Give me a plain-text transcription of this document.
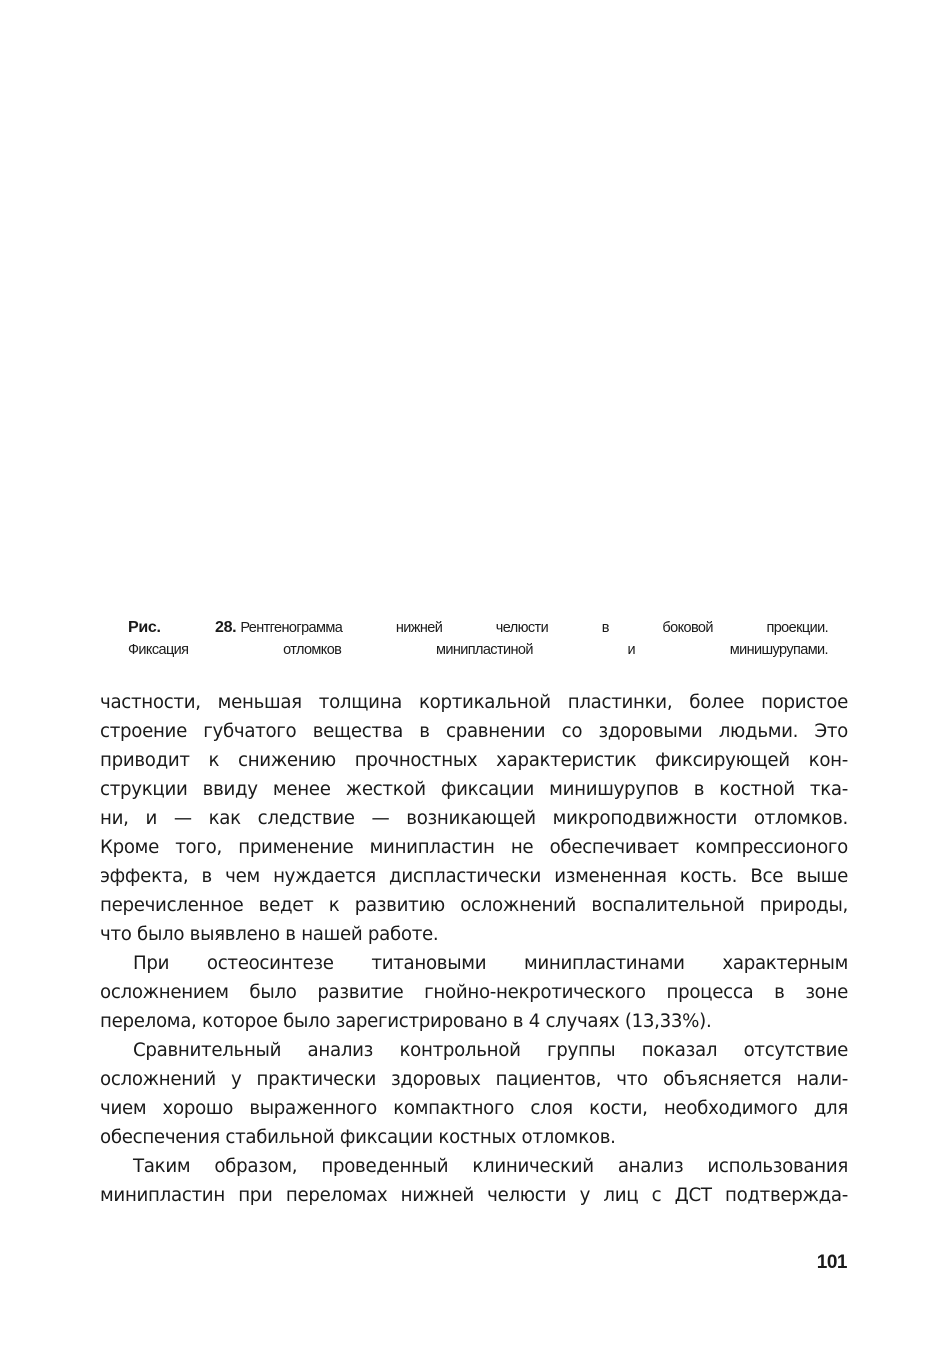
Рис. 28. Рентгенограмма нижней челюсти в боковой проекции.
Фиксация отломков минипластиной и минишурупами.
частности, меньшая толщина кортикальной пластинки, более пористое
строение губчатого вещества в сравнении со здоровыми людьми. Это
приводит к снижению прочностных характеристик фиксирующей кон-
струкции ввиду менее жесткой фиксации минишурупов в костной тка-
ни, и — как следствие — возникающей микроподвижности отломков.
Кроме того, применение минипластин не обеспечивает компрессионого
эффекта, в чем нуждается диспластически измененная кость. Все выше
перечисленное ведет к развитию осложнений воспалительной природы,
что было выявлено в нашей работе.
При остеосинтезе титановыми минипластинами характерным
осложнением было развитие гнойно-некротического процесса в зоне
перелома, которое было зарегистрировано в 4 случаях (13,33%).
Сравнительный анализ контрольной группы показал отсутствие
осложнений у практически здоровых пациентов, что объясняется нали-
чием хорошо выраженного компактного слоя кости, необходимого для
обеспечения стабильной фиксации костных отломков.
Таким образом, проведенный клинический анализ использования
минипластин при переломах нижней челюсти у лиц с ДСТ подтвержда-
101
